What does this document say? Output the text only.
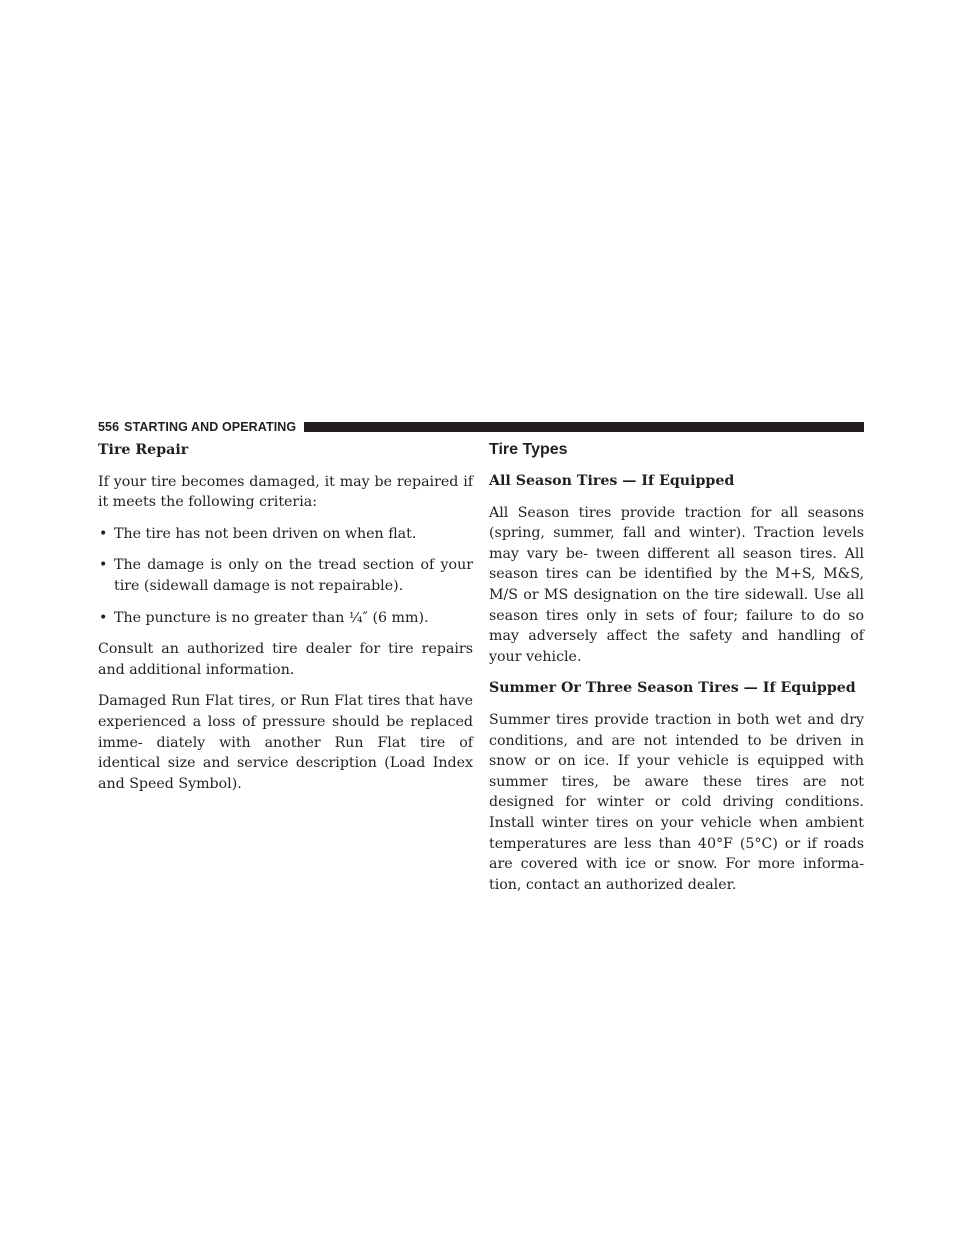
556 STARTING AND OPERATING
Tire Repair

If your tire becomes damaged, it may be repaired if it meets the following criteria:

• The tire has not been driven on when flat.
• The damage is only on the tread section of your tire (sidewall damage is not repairable).
• The puncture is no greater than ¼″ (6 mm).

Consult an authorized tire dealer for tire repairs and additional information.

Damaged Run Flat tires, or Run Flat tires that have experienced a loss of pressure should be replaced imme- diately with another Run Flat tire of identical size and service description (Load Index and Speed Symbol).

Tire Types
All Season Tires — If Equipped

All Season tires provide traction for all seasons (spring, summer, fall and winter). Traction levels may vary be- tween different all season tires. All season tires can be identified by the M+S, M&S, M/S or MS designation on the tire sidewall. Use all season tires only in sets of four; failure to do so may adversely affect the safety and handling of your vehicle.

Summer Or Three Season Tires — If Equipped

Summer tires provide traction in both wet and dry conditions, and are not intended to be driven in snow or on ice. If your vehicle is equipped with summer tires, be aware these tires are not designed for winter or cold driving conditions. Install winter tires on your vehicle when ambient temperatures are less than 40°F (5°C) or if roads are covered with ice or snow. For more informa- tion, contact an authorized dealer.
